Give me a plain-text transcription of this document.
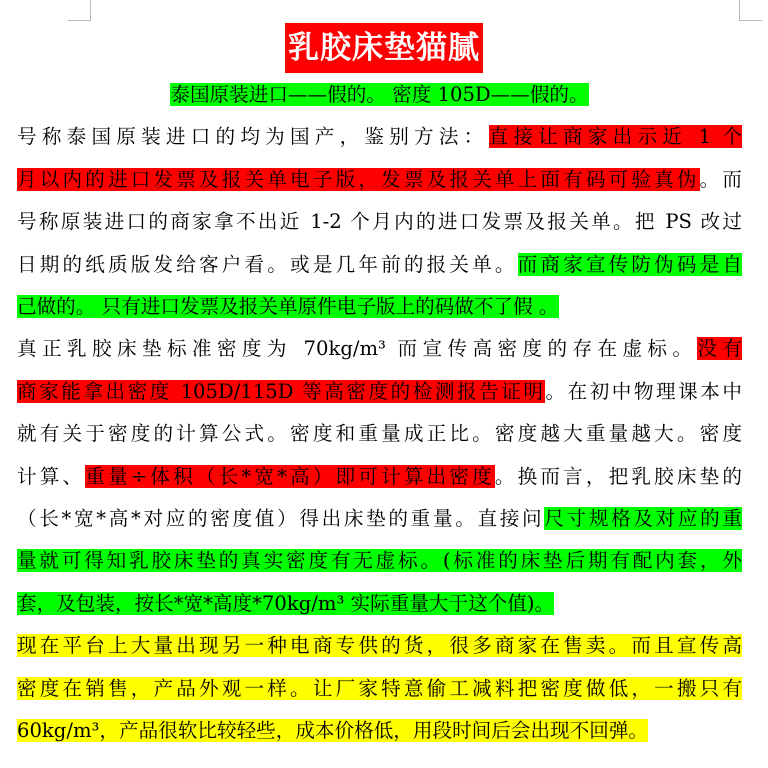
乳胶床垫猫腻
泰国原装进口——假的。 密度 105D——假的。
号称泰国原装进口的均为国产，鉴别方法：直接让商家出示近 1 个
月以内的进口发票及报关单电子版，发票及报关单上面有码可验真伪。而
号称原装进口的商家拿不出近 1-2 个月内的进口发票及报关单。把 PS 改过
日期的纸质版发给客户看。或是几年前的报关单。而商家宣传防伪码是自
己做的。 只有进口发票及报关单原件电子版上的码做不了假 。
真正乳胶床垫标准密度为 70kg/m³ 而宣传高密度的存在虚标。没有
商家能拿出密度 105D/115D 等高密度的检测报告证明。在初中物理课本中
就有关于密度的计算公式。密度和重量成正比。密度越大重量越大。密度
计算、重量÷体积（长*宽*高）即可计算出密度。换而言，把乳胶床垫的
（长*宽*高*对应的密度值）得出床垫的重量。直接问尺寸规格及对应的重
量就可得知乳胶床垫的真实密度有无虚标。(标准的床垫后期有配内套，外
套，及包装，按长*宽*高度*70kg/m³ 实际重量大于这个值)。
现在平台上大量出现另一种电商专供的货，很多商家在售卖。而且宣传高
密度在销售，产品外观一样。让厂家特意偷工减料把密度做低，一搬只有
60kg/m³，产品很软比较轻些，成本价格低，用段时间后会出现不回弹。
